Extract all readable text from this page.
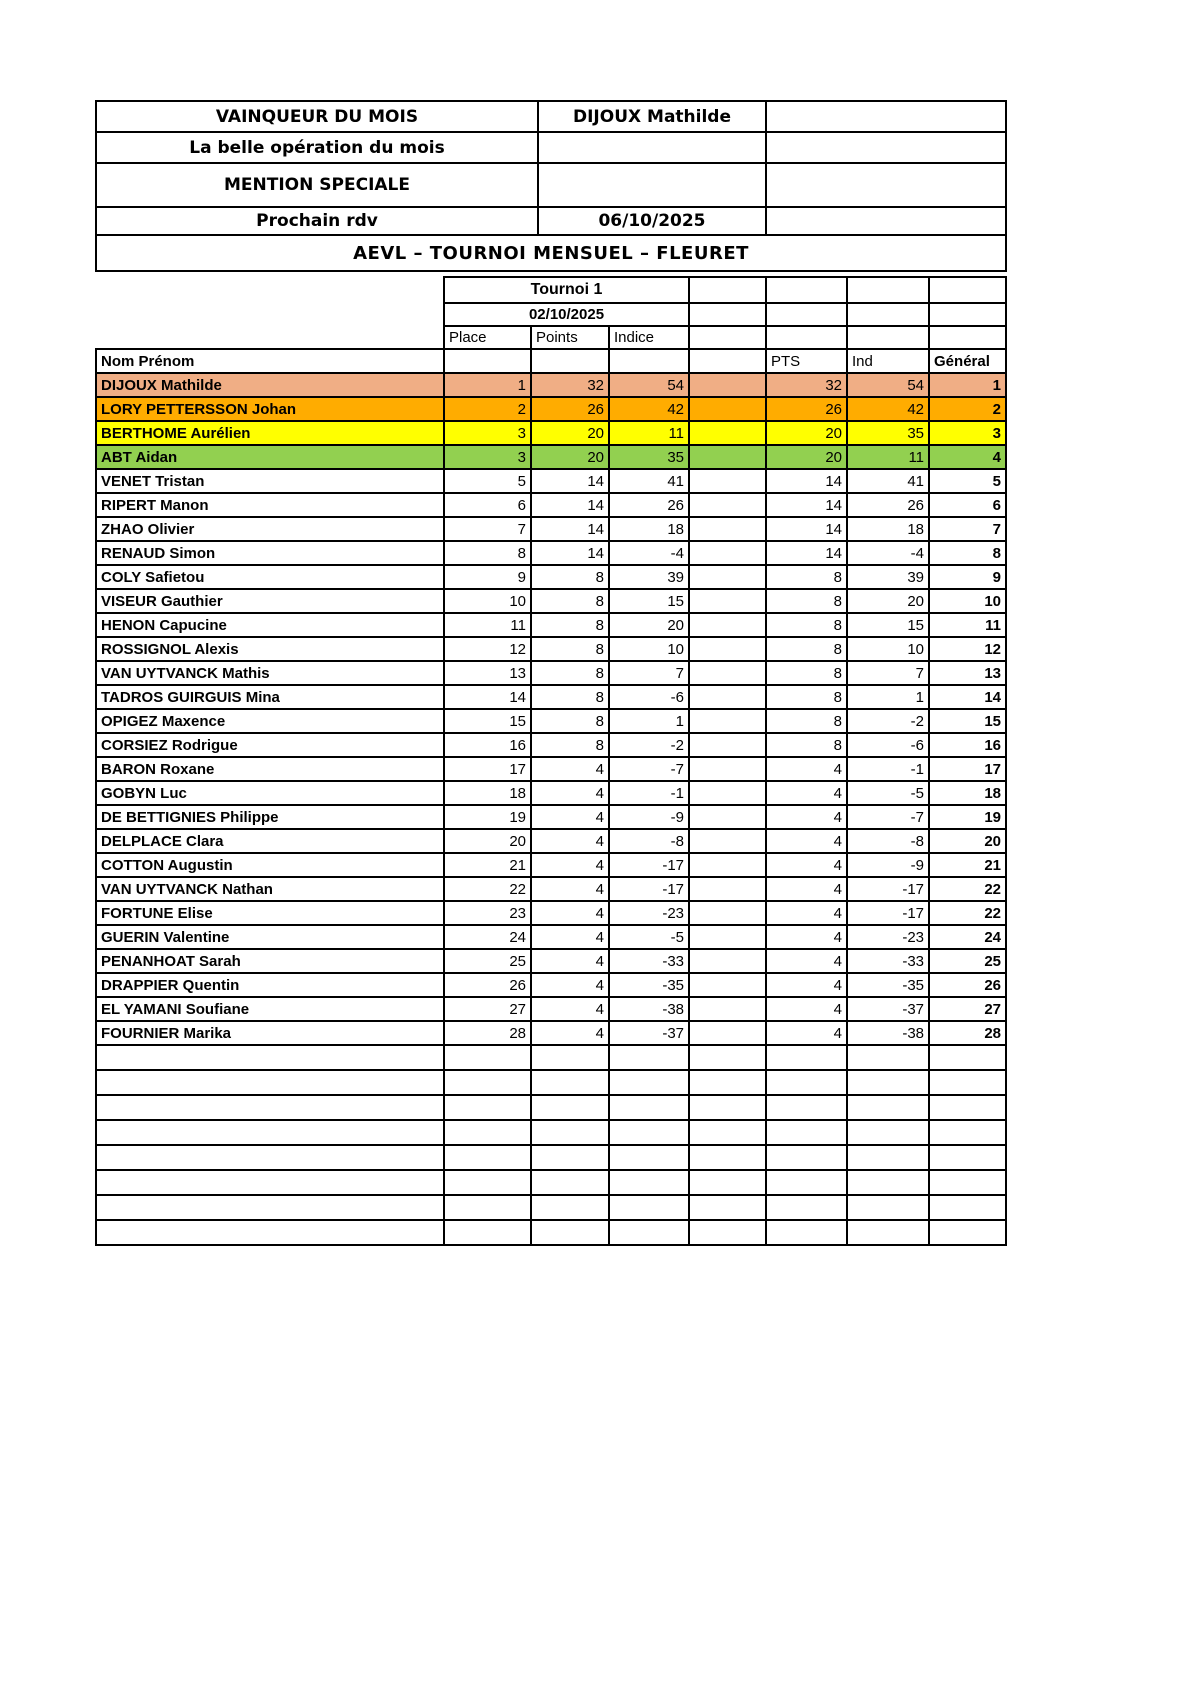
VAINQUEUR DU MOIS	DIJOUX Mathilde	
La belle opération du mois		
MENTION SPECIALE		
Prochain rdv	06/10/2025	
AEVL – TOURNOI MENSUEL – FLEURET		
	Tournoi 1						
	02/10/2025						
	Place	Points	Indice				
Nom Prénom					PTS	Ind	Général
DIJOUX Mathilde	1	32	54		32	54	1
LORY PETTERSSON Johan	2	26	42		26	42	2
BERTHOME Aurélien	3	20	11		20	35	3
ABT Aidan	3	20	35		20	11	4
VENET Tristan	5	14	41		14	41	5
RIPERT Manon	6	14	26		14	26	6
ZHAO Olivier	7	14	18		14	18	7
RENAUD Simon	8	14	-4		14	-4	8
COLY Safietou	9	8	39		8	39	9
VISEUR Gauthier	10	8	15		8	20	10
HENON Capucine	11	8	20		8	15	11
ROSSIGNOL Alexis	12	8	10		8	10	12
VAN UYTVANCK Mathis	13	8	7		8	7	13
TADROS GUIRGUIS Mina	14	8	-6		8	1	14
OPIGEZ Maxence	15	8	1		8	-2	15
CORSIEZ Rodrigue	16	8	-2		8	-6	16
BARON Roxane	17	4	-7		4	-1	17
GOBYN Luc	18	4	-1		4	-5	18
DE BETTIGNIES Philippe	19	4	-9		4	-7	19
DELPLACE Clara	20	4	-8		4	-8	20
COTTON Augustin	21	4	-17		4	-9	21
VAN UYTVANCK Nathan	22	4	-17		4	-17	22
FORTUNE Elise	23	4	-23		4	-17	22
GUERIN Valentine	24	4	-5		4	-23	24
PENANHOAT Sarah	25	4	-33		4	-33	25
DRAPPIER Quentin	26	4	-35		4	-35	26
EL YAMANI Soufiane	27	4	-38		4	-37	27
FOURNIER Marika	28	4	-37		4	-38	28
